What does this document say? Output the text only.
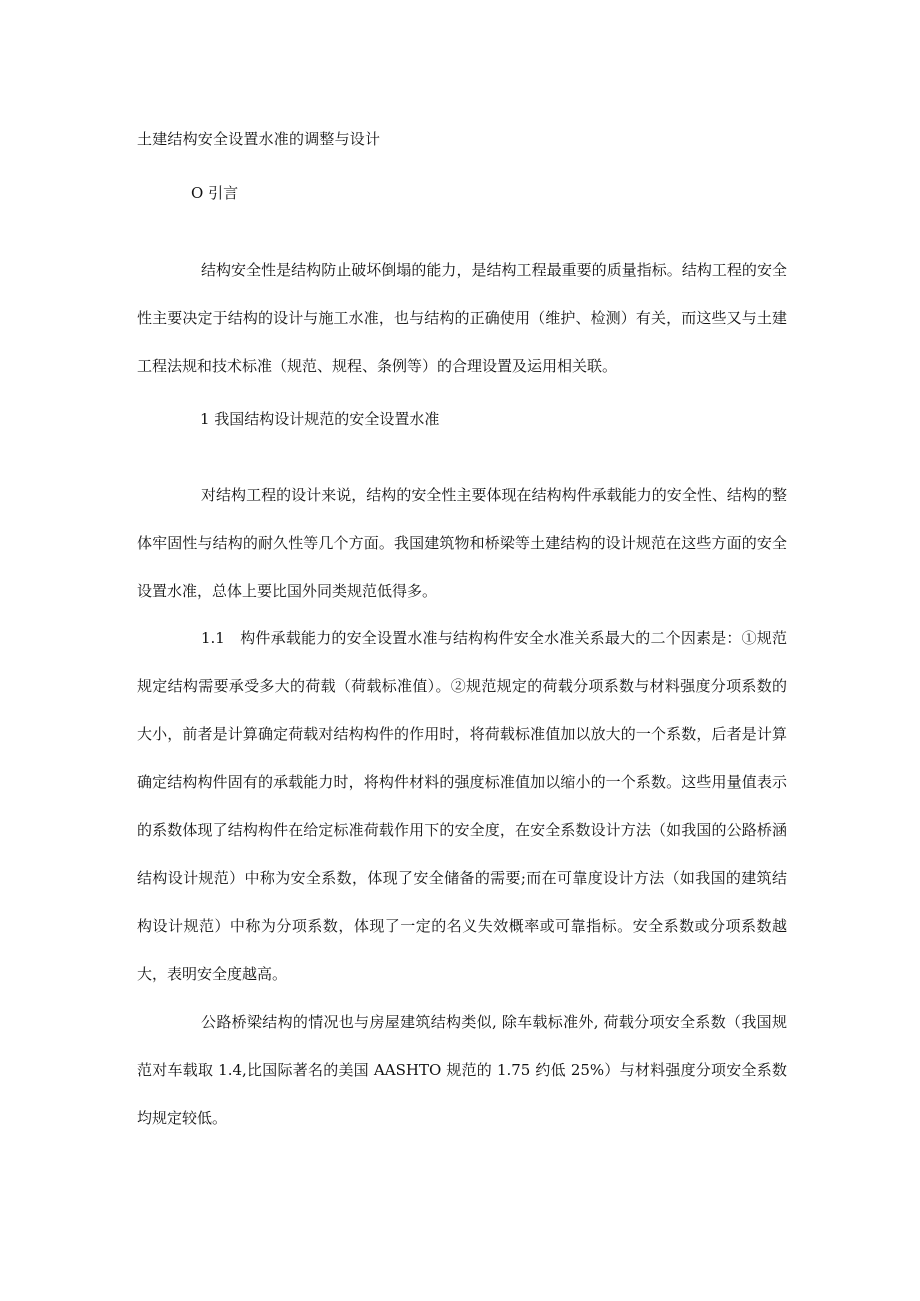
土建结构安全设置水准的调整与设计
O 引言

结构安全性是结构防止破坏倒塌的能力，是结构工程最重要的质量指标。结构工程的安全性主要决定于结构的设计与施工水准，也与结构的正确使用（维护、检测）有关，而这些又与土建工程法规和技术标准（规范、规程、条例等）的合理设置及运用相关联。

1 我国结构设计规范的安全设置水准

对结构工程的设计来说，结构的安全性主要体现在结构构件承载能力的安全性、结构的整体牢固性与结构的耐久性等几个方面。我国建筑物和桥梁等土建结构的设计规范在这些方面的安全设置水准，总体上要比国外同类规范低得多。

1.1　构件承载能力的安全设置水准与结构构件安全水准关系最大的二个因素是：①规范规定结构需要承受多大的荷载（荷载标准值）。②规范规定的荷载分项系数与材料强度分项系数的大小，前者是计算确定荷载对结构构件的作用时，将荷载标准值加以放大的一个系数，后者是计算确定结构构件固有的承载能力时，将构件材料的强度标准值加以缩小的一个系数。这些用量值表示的系数体现了结构构件在给定标准荷载作用下的安全度，在安全系数设计方法（如我国的公路桥涵结构设计规范）中称为安全系数，体现了安全储备的需要;而在可靠度设计方法（如我国的建筑结构设计规范）中称为分项系数，体现了一定的名义失效概率或可靠指标。安全系数或分项系数越大，表明安全度越高。

公路桥梁结构的情况也与房屋建筑结构类似, 除车载标准外, 荷载分项安全系数（我国规范对车载取 1.4,比国际著名的美国 AASHTO 规范的 1.75 约低 25%）与材料强度分项安全系数均规定较低。
